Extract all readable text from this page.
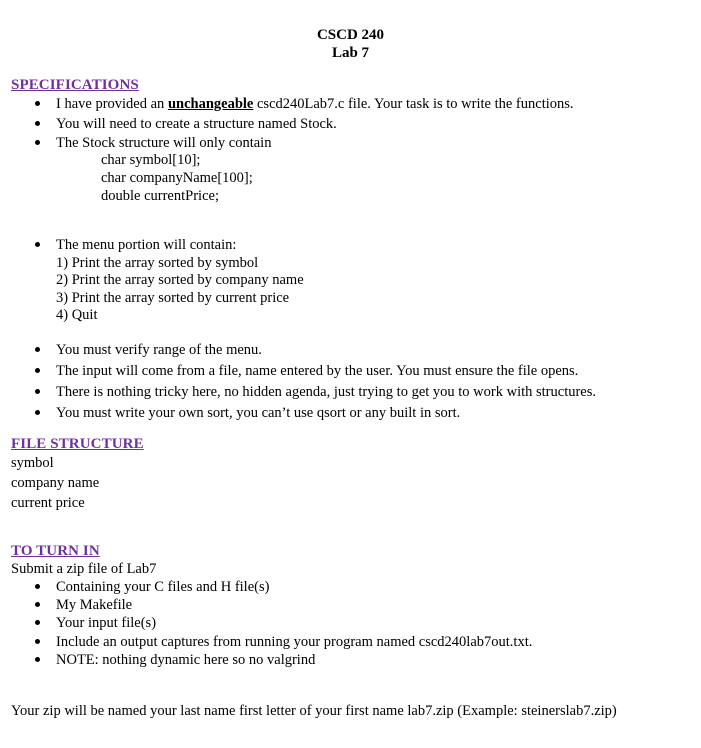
CSCD 240
Lab 7
SPECIFICATIONS
I have provided an unchangeable cscd240Lab7.c file. Your task is to write the functions.
You will need to create a structure named Stock.
The Stock structure will only contain
char symbol[10];
char companyName[100];
double currentPrice;
The menu portion will contain:
1) Print the array sorted by symbol
2) Print the array sorted by company name
3) Print the array sorted by current price
4) Quit
You must verify range of the menu.
The input will come from a file, name entered by the user. You must ensure the file opens.
There is nothing tricky here, no hidden agenda, just trying to get you to work with structures.
You must write your own sort, you can’t use qsort or any built in sort.
FILE STRUCTURE
symbol
company name
current price
TO TURN IN
Submit a zip file of Lab7
Containing your C files and H file(s)
My Makefile
Your input file(s)
Include an output captures from running your program named cscd240lab7out.txt.
NOTE: nothing dynamic here so no valgrind
Your zip will be named your last name first letter of your first name lab7.zip (Example: steinerslab7.zip)
